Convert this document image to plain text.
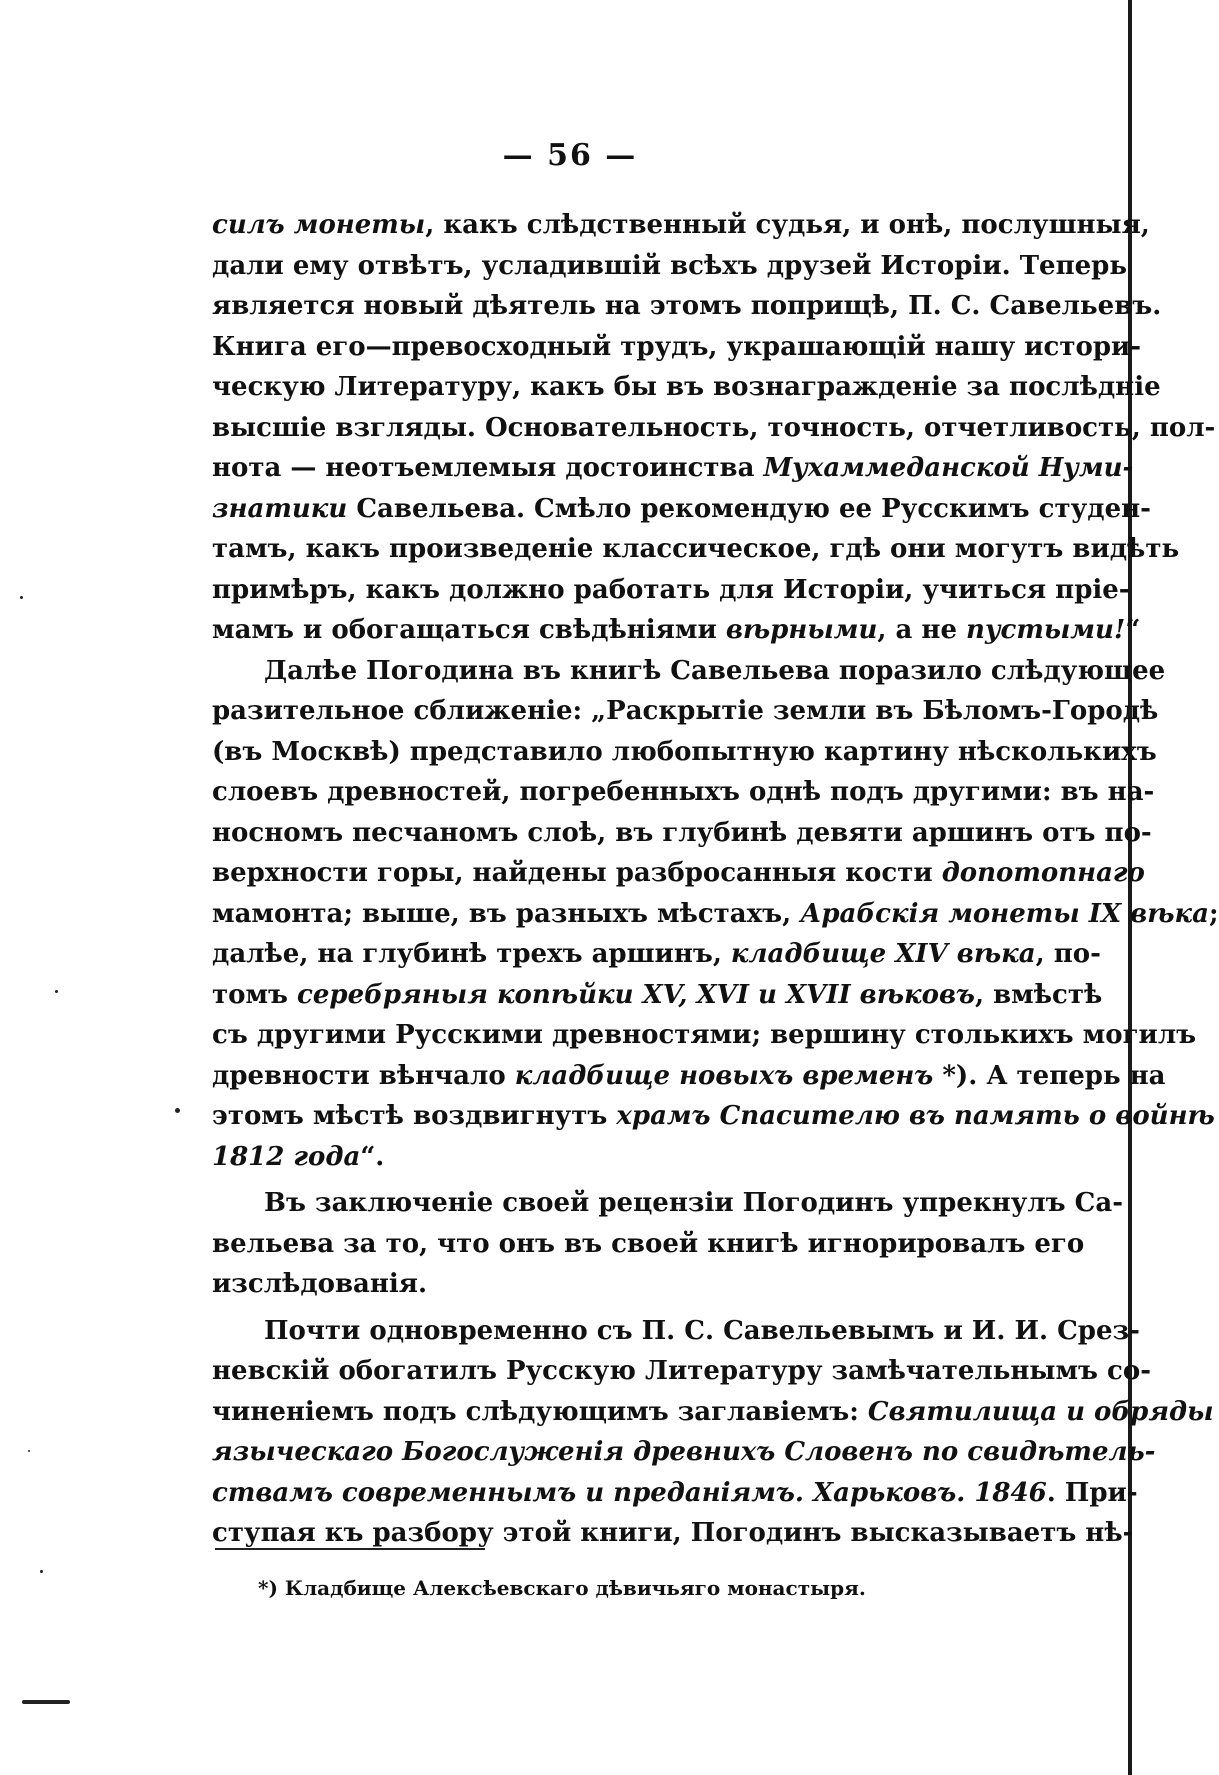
— 56 —
силъ монеты, какъ слѣдственный судья, и онѣ, послушныя,
дали ему отвѣтъ, усладившій всѣхъ друзей Исторіи. Теперь
является новый дѣятель на этомъ поприщѣ, П. С. Савельевъ.
Книга его—превосходный трудъ, украшающій нашу истори-
ческую Литературу, какъ бы въ вознагражденіе за послѣдніе
высшіе взгляды. Основательность, точность, отчетливость, пол-
нота — неотъемлемыя достоинства Мухаммеданской Нуми-
знатики Савельева. Смѣло рекомендую ее Русскимъ студен-
тамъ, какъ произведеніе классическое, гдѣ они могутъ видѣть
примѣръ, какъ должно работать для Исторіи, учиться пріе-
мамъ и обогащаться свѣдѣніями вѣрными, а не пустыми!“
Далѣе Погодина въ книгѣ Савельева поразило слѣдующее
разительное сближеніе: „Раскрытіе земли въ Бѣломъ-Городѣ
(въ Москвѣ) представило любопытную картину нѣсколькихъ
слоевъ древностей, погребенныхъ однѣ подъ другими: въ на-
носномъ песчаномъ слоѣ, въ глубинѣ девяти аршинъ отъ по-
верхности горы, найдены разбросанныя кости допотопнаго
мамонта; выше, въ разныхъ мѣстахъ, Арабскія монеты IX вѣка;
далѣе, на глубинѣ трехъ аршинъ, кладбище XIV вѣка, по-
томъ серебряныя копѣйки XV, XVI и XVII вѣковъ, вмѣстѣ
съ другими Русскими древностями; вершину столькихъ могилъ
древности вѣнчало кладбище новыхъ временъ *). А теперь на
этомъ мѣстѣ воздвигнутъ храмъ Спасителю въ память о войнѣ
1812 года“.
Въ заключеніе своей рецензіи Погодинъ упрекнулъ Са-
вельева за то, что онъ въ своей книгѣ игнорировалъ его
изслѣдованія.
Почти одновременно съ П. С. Савельевымъ и И. И. Срез-
невскій обогатилъ Русскую Литературу замѣчательнымъ со-
чиненіемъ подъ слѣдующимъ заглавіемъ: Святилища и обряды
языческаго Богослуженія древнихъ Словенъ по свидѣтель-
ствамъ современнымъ и преданіямъ. Харьковъ. 1846. При-
ступая къ разбору этой книги, Погодинъ высказываетъ нѣ-
*) Кладбище Алексѣевскаго дѣвичьяго монастыря.
